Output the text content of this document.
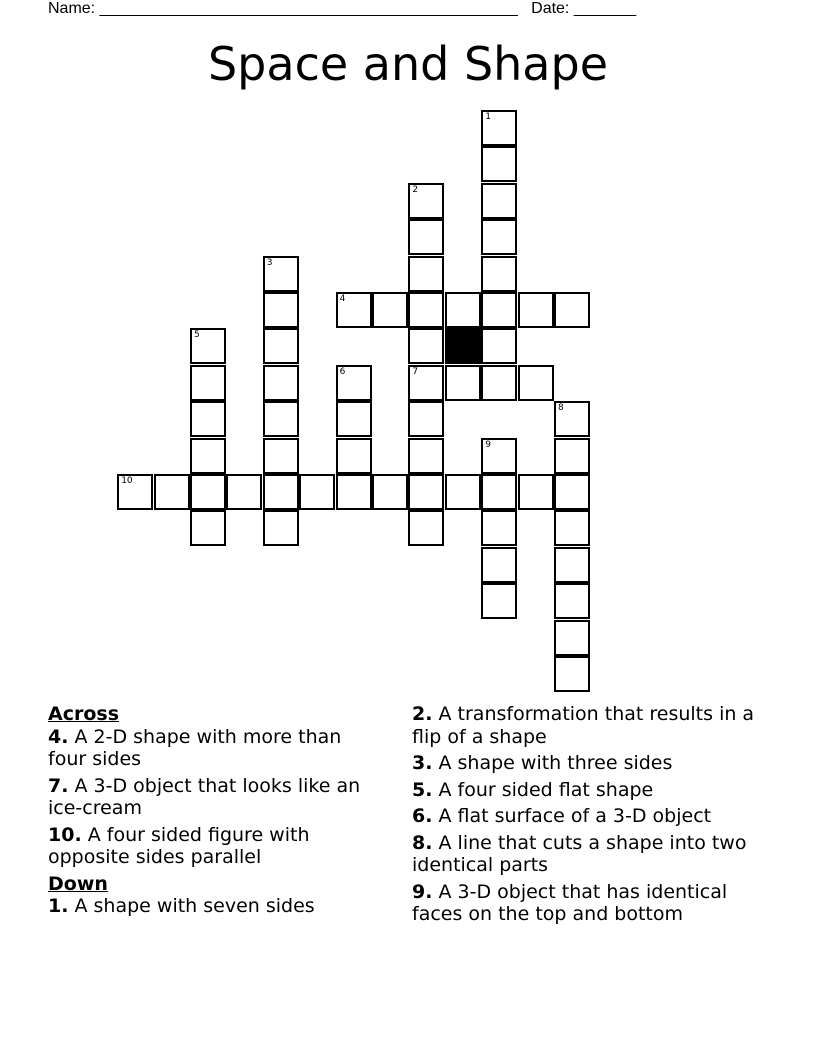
Name: _______________________________________________   Date: _______
Space and Shape
1
2
7
3
4
5
6
8
9
10
Across
4. A 2-D shape with more than four sides
7. A 3-D object that looks like an ice-cream
10. A four sided figure with opposite sides parallel
Down
1. A shape with seven sides
2. A transformation that results in a flip of a shape
3. A shape with three sides
5. A four sided flat shape
6. A flat surface of a 3-D object
8. A line that cuts a shape into two identical parts
9. A 3-D object that has identical faces on the top and bottom
